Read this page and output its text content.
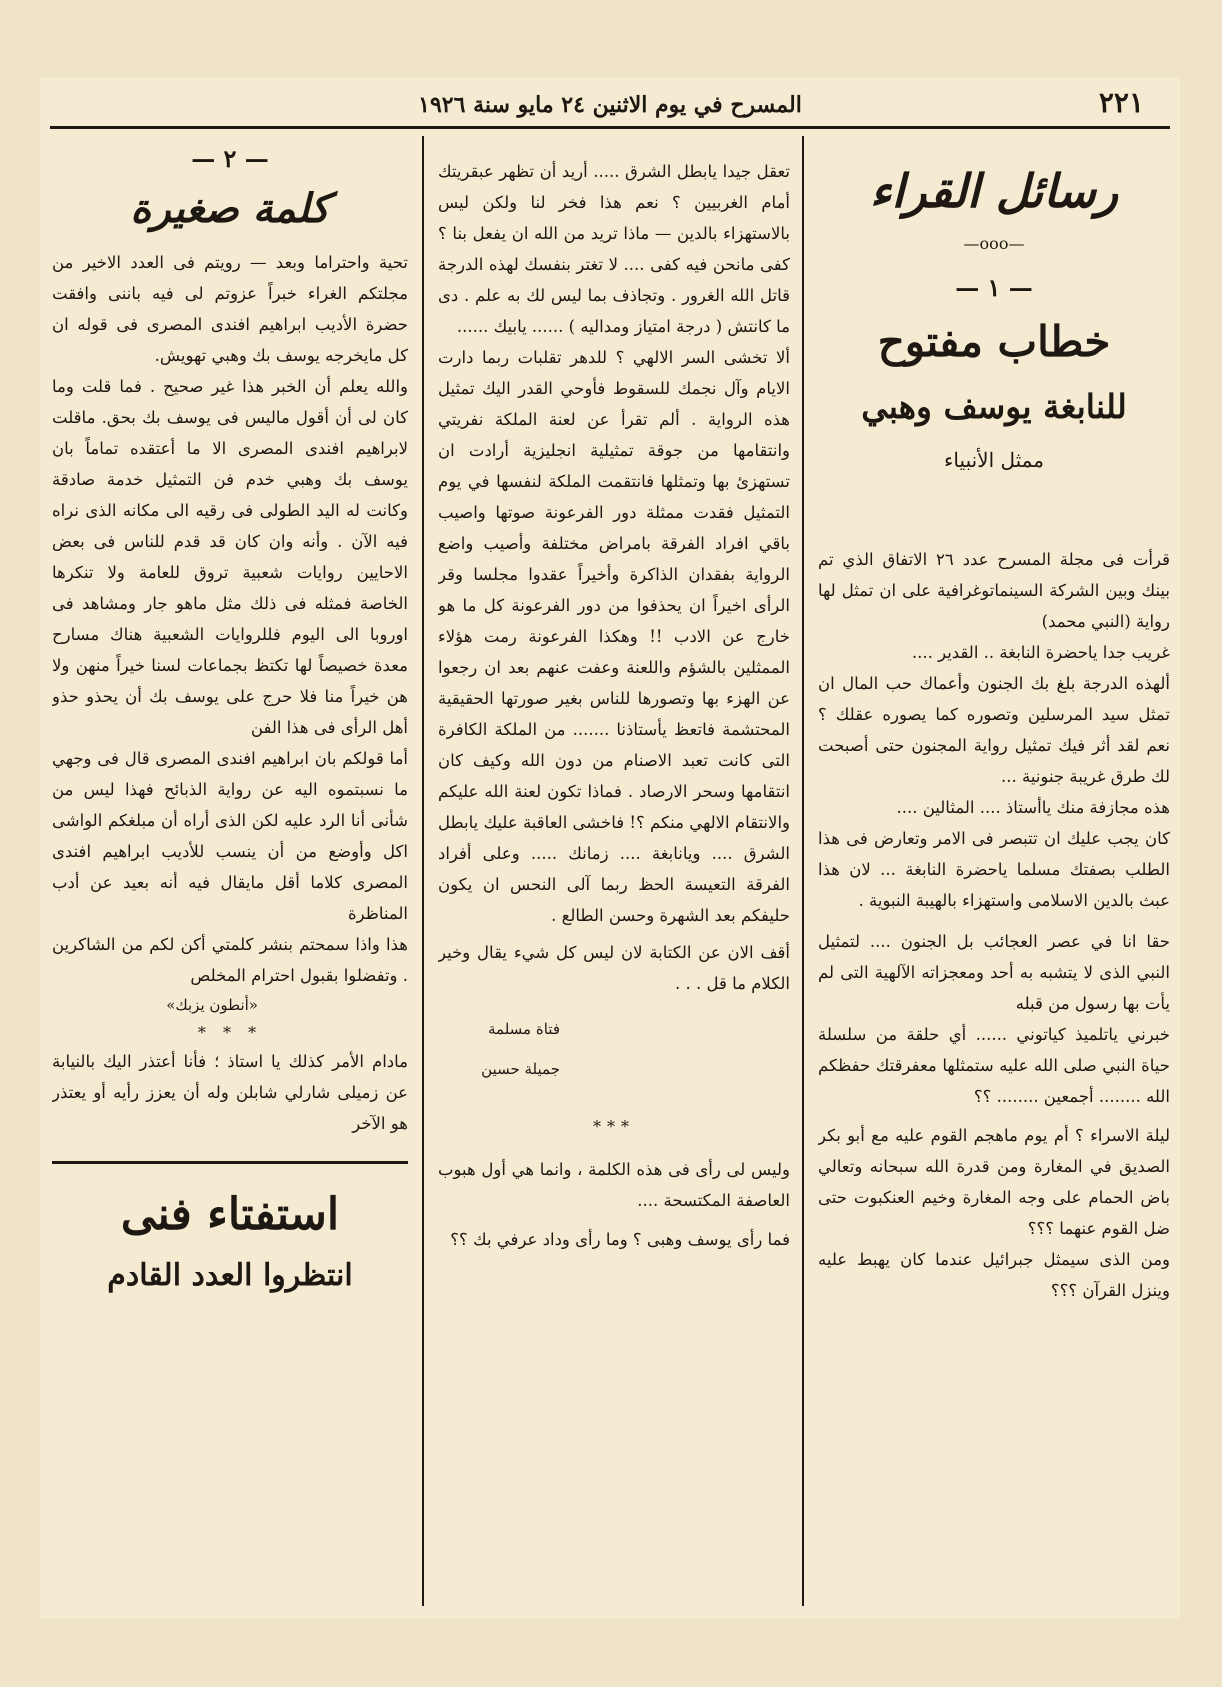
٢٢١
المسرح في يوم الاثنين ٢٤ مايو سنة ١٩٢٦
رسائل القراء
—ooo—
— ١ —
خطاب مفتوح
للنابغة يوسف وهبي
ممثل الأنبياء

قرأت فى مجلة المسرح عدد ٢٦ الاتفاق الذي تم بينك وبين الشركة السينماتوغرافية على ان تمثل لها رواية (النبي محمد)

غريب جدا ياحضرة النابغة .. القدير ....

ألهذه الدرجة بلغ بك الجنون وأعماك حب المال ان تمثل سيد المرسلين وتصوره كما يصوره عقلك ؟ نعم لقد أثر فيك تمثيل رواية المجنون حتى أصبحت لك طرق غريبة جنونية ...

هذه مجازفة منك ياأستاذ .... المثالين ....

كان يجب عليك ان تتبصر فى الامر وتعارض فى هذا الطلب بصفتك مسلما ياحضرة النابغة ... لان هذا عبث بالدين الاسلامى واستهزاء بالهيبة النبوية .

حقا انا في عصر العجائب بل الجنون .... لتمثيل النبي الذى لا يتشبه به أحد ومعجزاته الآلهية التى لم يأت بها رسول من قبله

خبرني ياتلميذ كياتوني ...... أي حلقة من سلسلة حياة النبي صلى الله عليه ستمثلها معفرقتك حفظكم الله ........ أجمعين ........ ؟؟

ليلة الاسراء ؟ أم يوم ماهجم القوم عليه مع أبو بكر الصديق في المغارة ومن قدرة الله سبحانه وتعالي باض الحمام على وجه المغارة وخيم العنكبوت حتى ضل القوم عنهما ؟؟؟

ومن الذى سيمثل جبرائيل عندما كان يهبط عليه وينزل القرآن ؟؟؟

تعقل جيدا يابطل الشرق ..... أريد أن تظهر عبقريتك أمام الغربيين ؟ نعم هذا فخر لنا ولكن ليس بالاستهزاء بالدين — ماذا تريد من الله ان يفعل بنا ؟ كفى مانحن فيه كفى .... لا تغتر بنفسك لهذه الدرجة قاتل الله الغرور . وتجاذف بما ليس لك به علم . دى ما كانتش ( درجة امتياز ومداليه ) ...... يابيك ......

ألا تخشى السر الالهي ؟ للدهر تقلبات ربما دارت الايام وآل نجمك للسقوط فأوحي القدر اليك تمثيل هذه الرواية . ألم تقرأ عن لعنة الملكة نفريتي وانتقامها من جوقة تمثيلية انجليزية أرادت ان تستهزئ بها وتمثلها فانتقمت الملكة لنفسها في يوم التمثيل فقدت ممثلة دور الفرعونة صوتها واصيب باقي افراد الفرقة بامراض مختلفة وأصيب واضع الرواية بفقدان الذاكرة وأخيراً عقدوا مجلسا وقر الرأى اخيراً ان يحذفوا من دور الفرعونة كل ما هو خارج عن الادب !! وهكذا الفرعونة رمت هؤلاء الممثلين بالشؤم واللعنة وعفت عنهم بعد ان رجعوا عن الهزء بها وتصورها للناس بغير صورتها الحقيقية المحتشمة فاتعظ يأستاذنا ....... من الملكة الكافرة التى كانت تعبد الاصنام من دون الله وكيف كان انتقامها وسحر الارصاد . فماذا تكون لعنة الله عليكم والانتقام الالهي منكم ؟! فاخشى العاقبة عليك يابطل الشرق .... ويانابغة .... زمانك ..... وعلى أفراد الفرقة التعيسة الحظ ربما آلى النحس ان يكون حليفكم بعد الشهرة وحسن الطالع .

أقف الان عن الكتابة لان ليس كل شيء يقال وخير الكلام ما قل . . .

فتاة مسلمة
جميلة حسين
***

وليس لى رأى فى هذه الكلمة ، وانما هي أول هبوب العاصفة المكتسحة ....

فما رأى يوسف وهبى ؟ وما رأى وداد عرفي بك ؟؟

— ٢ —
كلمة صغيرة

تحية واحتراما وبعد — رويتم فى العدد الاخير من مجلتكم الغراء خبراً عزوتم لى فيه باننى وافقت حضرة الأديب ابراهيم افندى المصرى فى قوله ان كل مايخرجه يوسف بك وهبي تهويش.

والله يعلم أن الخبر هذا غير صحيح . فما قلت وما كان لى أن أقول ماليس فى يوسف بك بحق. ماقلت لابراهيم افندى المصرى الا ما أعتقده تماماً بان يوسف بك وهبي خدم فن التمثيل خدمة صادقة وكانت له اليد الطولى فى رقيه الى مكانه الذى نراه فيه الآن . وأنه وان كان قد قدم للناس فى بعض الاحايين روايات شعبية تروق للعامة ولا تنكرها الخاصة فمثله فى ذلك مثل ماهو جار ومشاهد فى اوروبا الى اليوم فللروايات الشعبية هناك مسارح معدة خصيصاً لها تكتظ بجماعات لسنا خيراً منهن ولا هن خيراً منا فلا حرج على يوسف بك أن يحذو حذو أهل الرأى فى هذا الفن

أما قولكم بان ابراهيم افندى المصرى قال فى وجهي ما نسبتموه اليه عن رواية الذبائح فهذا ليس من شأنى أنا الرد عليه لكن الذى أراه أن مبلغكم الواشى اكل وأوضع من أن ينسب للأديب ابراهيم افندى المصرى كلاما أقل مايقال فيه أنه بعيد عن أدب المناظرة

هذا واذا سمحتم بنشر كلمتي أكن لكم من الشاكرين . وتفضلوا بقبول احترام المخلص

«أنطون يزبك»
* * *

مادام الأمر كذلك يا استاذ ؛ فأنا أعتذر اليك بالنيابة عن زميلى شارلي شابلن وله أن يعزز رأيه أو يعتذر هو الآخر

استفتاء فنى
انتظروا العدد القادم
